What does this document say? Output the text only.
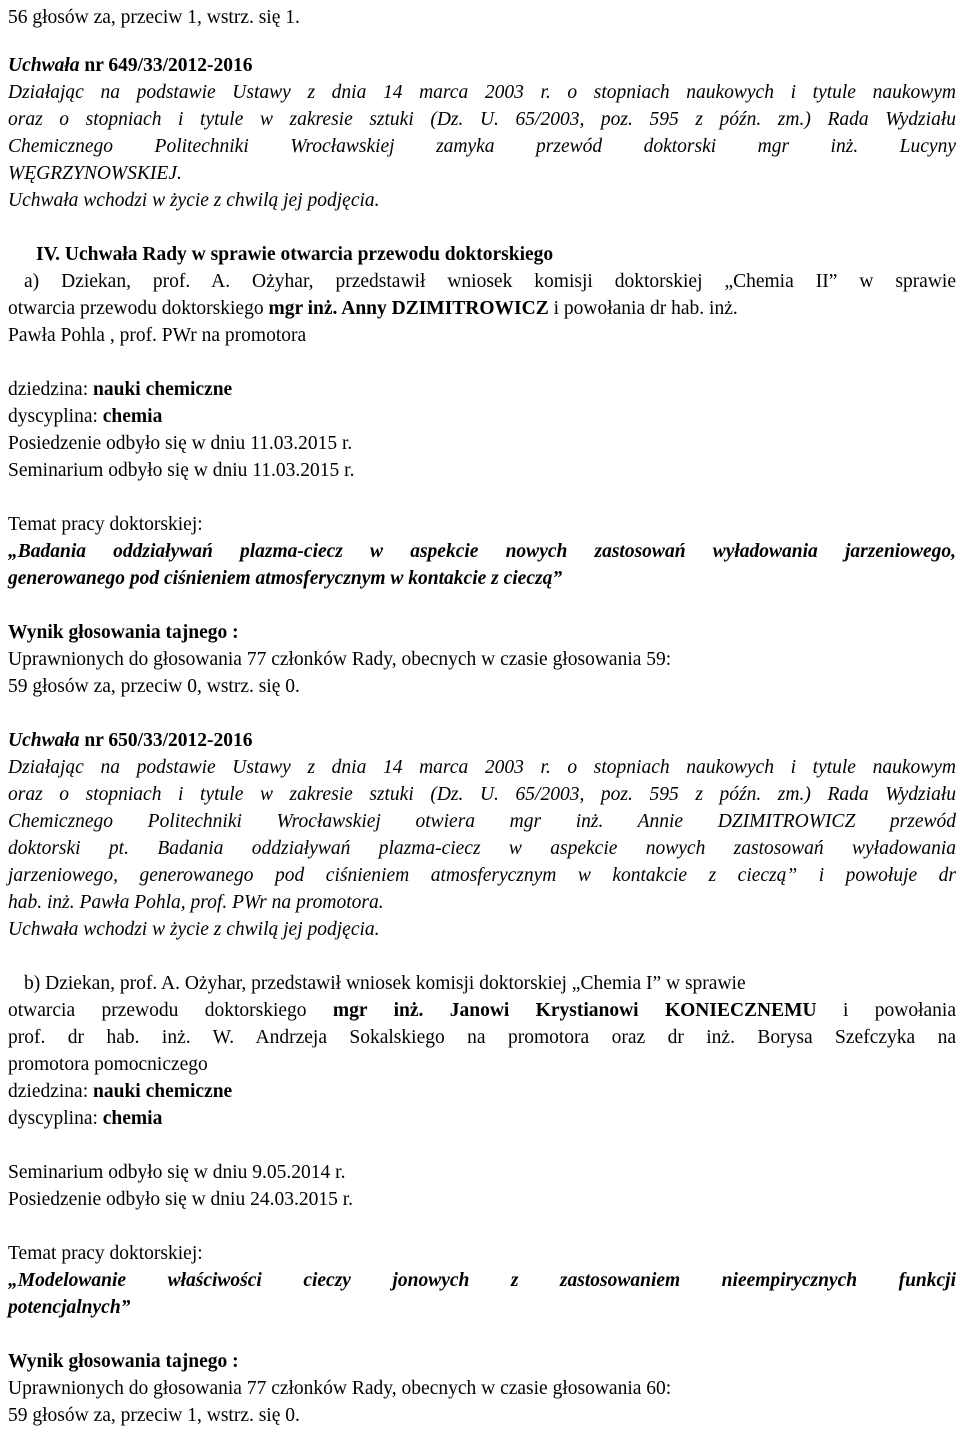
56 głosów za, przeciw 1, wstrz. się 1.
Uchwała nr 649/33/2012-2016
Działając na podstawie Ustawy z dnia 14 marca 2003 r. o stopniach naukowych i tytule naukowym
oraz o stopniach i tytule w zakresie sztuki (Dz. U. 65/2003, poz. 595 z późn. zm.) Rada Wydziału
Chemicznego Politechniki Wrocławskiej zamyka przewód doktorski mgr inż. Lucyny
WĘGRZYNOWSKIEJ.
Uchwała wchodzi w życie z chwilą jej podjęcia.
IV. Uchwała Rady w sprawie otwarcia przewodu doktorskiego
a) Dziekan, prof. A. Ożyhar, przedstawił wniosek komisji doktorskiej „Chemia II” w sprawie
otwarcia przewodu doktorskiego mgr inż. Anny DZIMITROWICZ i powołania dr hab. inż.
Pawła Pohla , prof. PWr na promotora
dziedzina: nauki chemiczne
dyscyplina: chemia
Posiedzenie odbyło się w dniu 11.03.2015 r.
Seminarium odbyło się w dniu 11.03.2015 r.
Temat pracy doktorskiej:
„Badania oddziaływań plazma-ciecz w aspekcie nowych zastosowań wyładowania jarzeniowego,
generowanego pod ciśnieniem atmosferycznym w kontakcie z cieczą”
Wynik głosowania tajnego :
Uprawnionych do głosowania 77 członków Rady, obecnych w czasie głosowania 59:
59 głosów za, przeciw 0, wstrz. się 0.
Uchwała nr 650/33/2012-2016
Działając na podstawie Ustawy z dnia 14 marca 2003 r. o stopniach naukowych i tytule naukowym
oraz o stopniach i tytule w zakresie sztuki (Dz. U. 65/2003, poz. 595 z późn. zm.) Rada Wydziału
Chemicznego Politechniki Wrocławskiej otwiera mgr inż. Annie DZIMITROWICZ przewód
doktorski pt. Badania oddziaływań plazma-ciecz w aspekcie nowych zastosowań wyładowania
jarzeniowego, generowanego pod ciśnieniem atmosferycznym w kontakcie z cieczą” i powołuje dr
hab. inż. Pawła Pohla, prof. PWr na promotora.
Uchwała wchodzi w życie z chwilą jej podjęcia.
b) Dziekan, prof. A. Ożyhar, przedstawił wniosek komisji doktorskiej „Chemia I” w sprawie
otwarcia przewodu doktorskiego mgr inż. Janowi Krystianowi KONIECZNEMU i powołania
prof. dr hab. inż. W. Andrzeja Sokalskiego na promotora oraz dr inż. Borysa Szefczyka na
promotora pomocniczego
dziedzina: nauki chemiczne
dyscyplina: chemia
Seminarium odbyło się w dniu 9.05.2014 r.
Posiedzenie odbyło się w dniu 24.03.2015 r.
Temat pracy doktorskiej:
„Modelowanie właściwości cieczy jonowych z zastosowaniem nieempirycznych funkcji
potencjalnych”
Wynik głosowania tajnego :
Uprawnionych do głosowania 77 członków Rady, obecnych w czasie głosowania 60:
59 głosów za, przeciw 1, wstrz. się 0.
